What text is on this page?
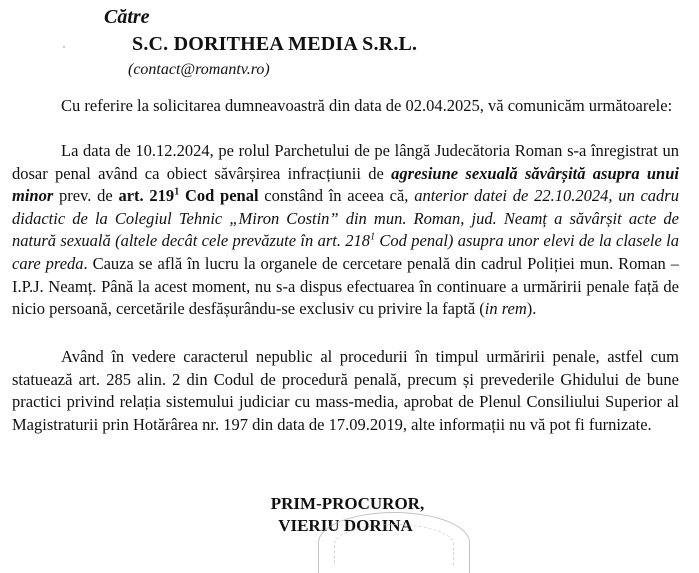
Către
S.C. DORITHEA MEDIA S.R.L.
(contact@romantv.ro)

Cu referire la solicitarea dumneavoastră din data de 02.04.2025, vă comunicăm următoarele:

La data de 10.12.2024, pe rolul Parchetului de pe lângă Judecătoria Roman s-a înregistrat un dosar penal având ca obiect săvârșirea infracțiunii de agresiune sexuală săvârșită asupra unui minor prev. de art. $219^1$ Cod penal constând în aceea că, anterior datei de 22.10.2024, un cadru didactic de la Colegiul Tehnic „Miron Costin” din mun. Roman, jud. Neamț a săvârșit acte de natură sexuală (altele decât cele prevăzute în art. $218^1$ Cod penal) asupra unor elevi de la clasele la care preda. Cauza se află în lucru la organele de cercetare penală din cadrul Poliției mun. Roman – I.P.J. Neamț. Până la acest moment, nu s-a dispus efectuarea în continuare a urmăririi penale față de nicio persoană, cercetările desfășurându-se exclusiv cu privire la faptă (in rem).

Având în vedere caracterul nepublic al procedurii în timpul urmăririi penale, astfel cum statuează art. 285 alin. 2 din Codul de procedură penală, precum și prevederile Ghidului de bune practici privind relația sistemului judiciar cu mass-media, aprobat de Plenul Consiliului Superior al Magistraturii prin Hotărârea nr. 197 din data de 17.09.2019, alte informații nu vă pot fi furnizate.

PRIM-PROCUROR,
VIERIU DORINA
